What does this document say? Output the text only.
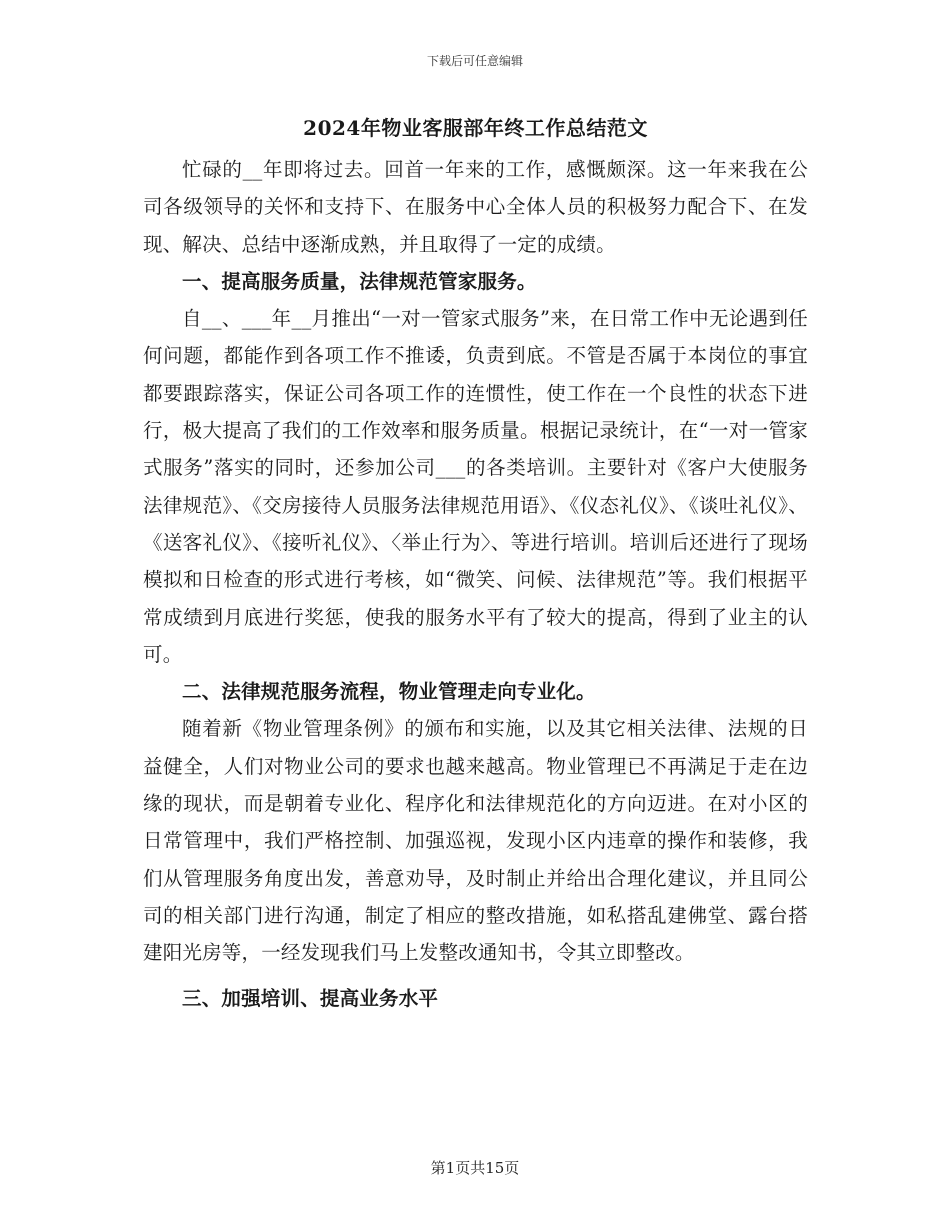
下载后可任意编辑
2024年物业客服部年终工作总结范文

忙碌的__年即将过去。回首一年来的工作，感慨颇深。这一年来我在公司各级领导的关怀和支持下、在服务中心全体人员的积极努力配合下、在发现、解决、总结中逐渐成熟，并且取得了一定的成绩。

一、提高服务质量，法律规范管家服务。

自__、___年__月推出“一对一管家式服务”来，在日常工作中无论遇到任何问题，都能作到各项工作不推诿，负责到底。不管是否属于本岗位的事宜都要跟踪落实，保证公司各项工作的连惯性，使工作在一个良性的状态下进行，极大提高了我们的工作效率和服务质量。根据记录统计，在“一对一管家式服务”落实的同时，还参加公司___的各类培训。主要针对《客户大使服务法律规范》、《交房接待人员服务法律规范用语》、《仪态礼仪》、《谈吐礼仪》、《送客礼仪》、《接听礼仪》、〈举止行为〉、等进行培训。培训后还进行了现场模拟和日检查的形式进行考核，如“微笑、问候、法律规范”等。我们根据平常成绩到月底进行奖惩，使我的服务水平有了较大的提高，得到了业主的认可。

二、法律规范服务流程，物业管理走向专业化。

随着新《物业管理条例》的颁布和实施，以及其它相关法律、法规的日益健全，人们对物业公司的要求也越来越高。物业管理已不再满足于走在边缘的现状，而是朝着专业化、程序化和法律规范化的方向迈进。在对小区的日常管理中，我们严格控制、加强巡视，发现小区内违章的操作和装修，我们从管理服务角度出发，善意劝导，及时制止并给出合理化建议，并且同公司的相关部门进行沟通，制定了相应的整改措施，如私搭乱建佛堂、露台搭建阳光房等，一经发现我们马上发整改通知书，令其立即整改。

三、加强培训、提高业务水平

第1页共15页
